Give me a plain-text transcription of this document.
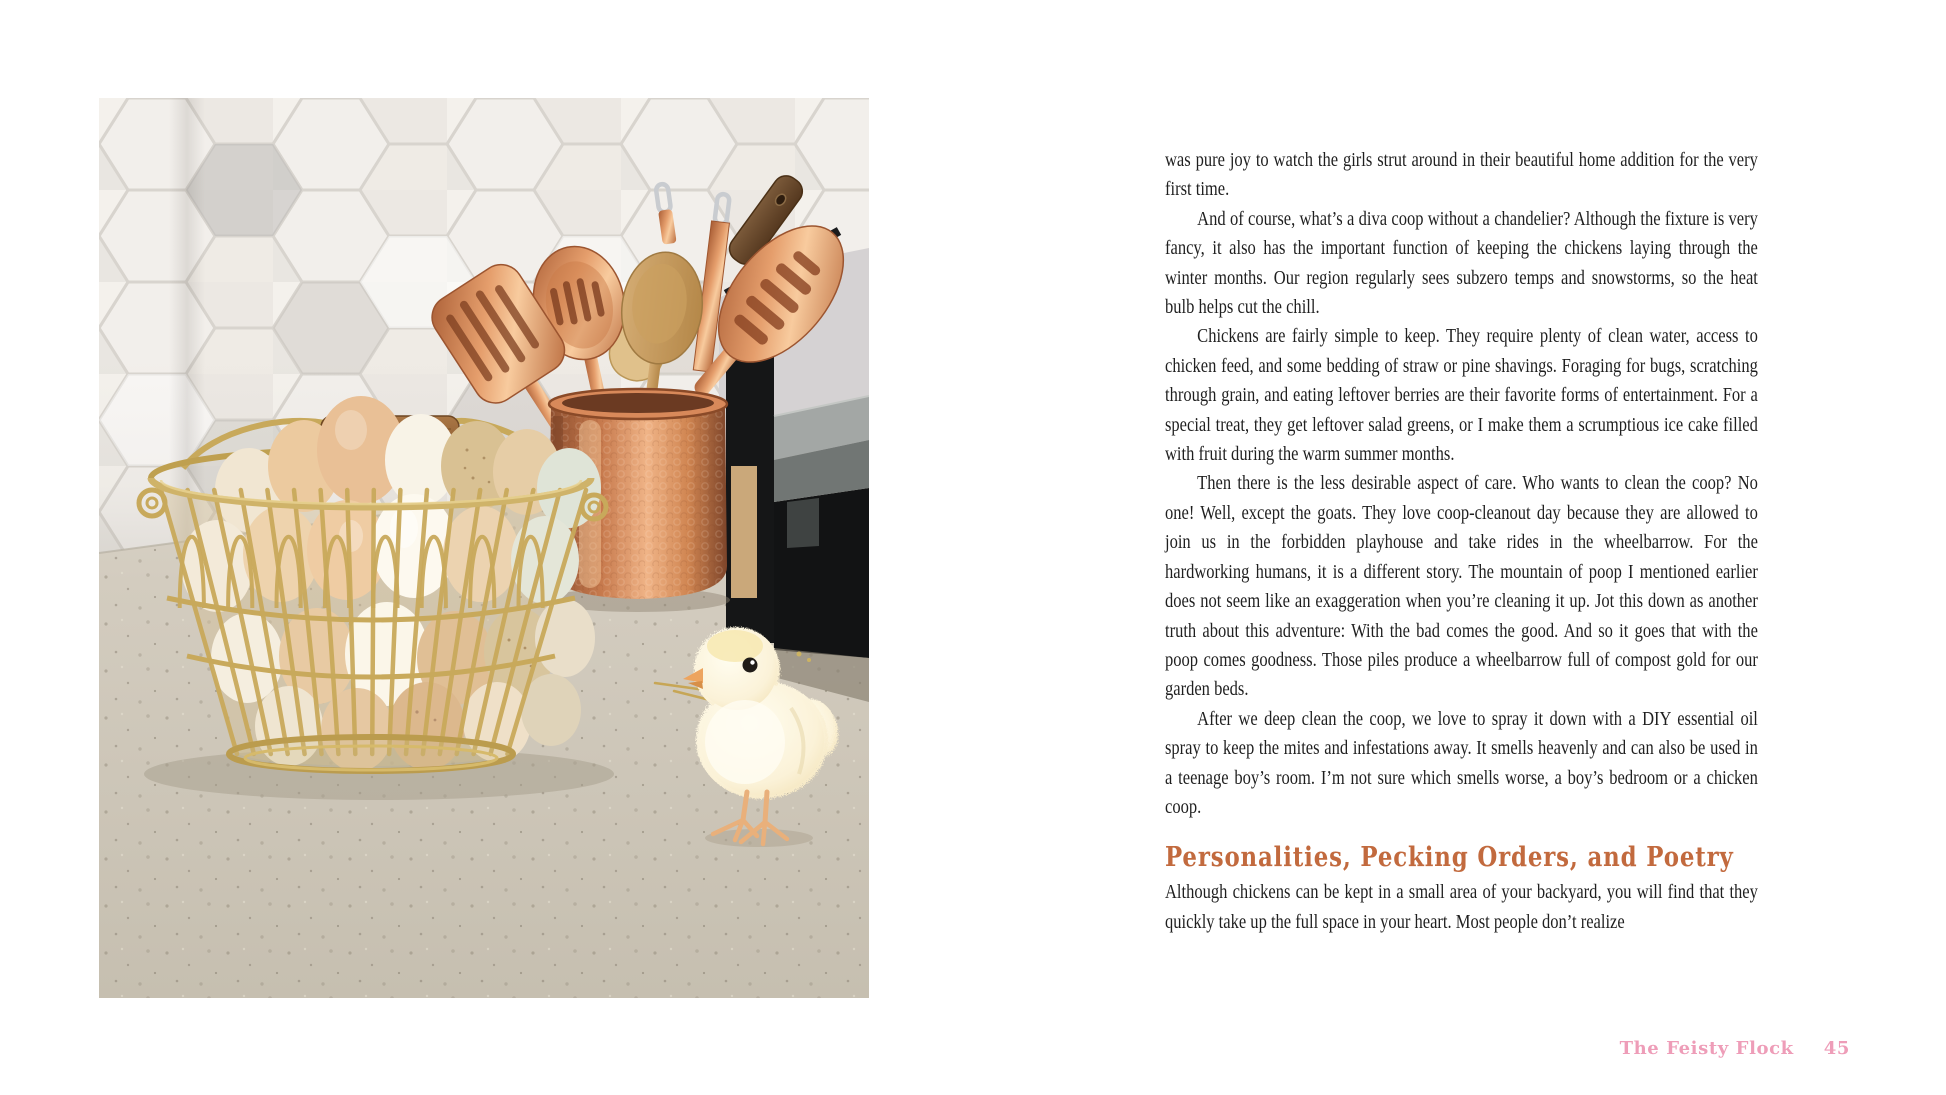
was pure joy to watch the girls strut around in their beautiful home addition for the very first time.

And of course, what’s a diva coop without a chandelier? Although the fixture is very fancy, it also has the important function of keeping the chickens laying through the winter months. Our region regularly sees subzero temps and snowstorms, so the heat bulb helps cut the chill.

Chickens are fairly simple to keep. They require plenty of clean water, access to chicken feed, and some bedding of straw or pine shavings. Foraging for bugs, scratching through grain, and eating leftover berries are their favorite forms of entertainment. For a special treat, they get leftover salad greens, or I make them a scrumptious ice cake filled with fruit during the warm summer months.

Then there is the less desirable aspect of care. Who wants to clean the coop? No one! Well, except the goats. They love coop-cleanout day because they are allowed to join us in the forbidden playhouse and take rides in the wheelbarrow. For the hardworking humans, it is a different story. The mountain of poop I mentioned earlier does not seem like an exaggeration when you’re cleaning it up. Jot this down as another truth about this adventure: With the bad comes the good. And so it goes that with the poop comes goodness. Those piles produce a wheelbarrow full of compost gold for our garden beds.

After we deep clean the coop, we love to spray it down with a DIY essential oil spray to keep the mites and infestations away. It smells heavenly and can also be used in a teenage boy’s room. I’m not sure which smells worse, a boy’s bedroom or a chicken coop.

Personalities, Pecking Orders, and Poetry

Although chickens can be kept in a small area of your backyard, you will find that they quickly take up the full space in your heart. Most people don’t realize

The Feisty Flock 45
